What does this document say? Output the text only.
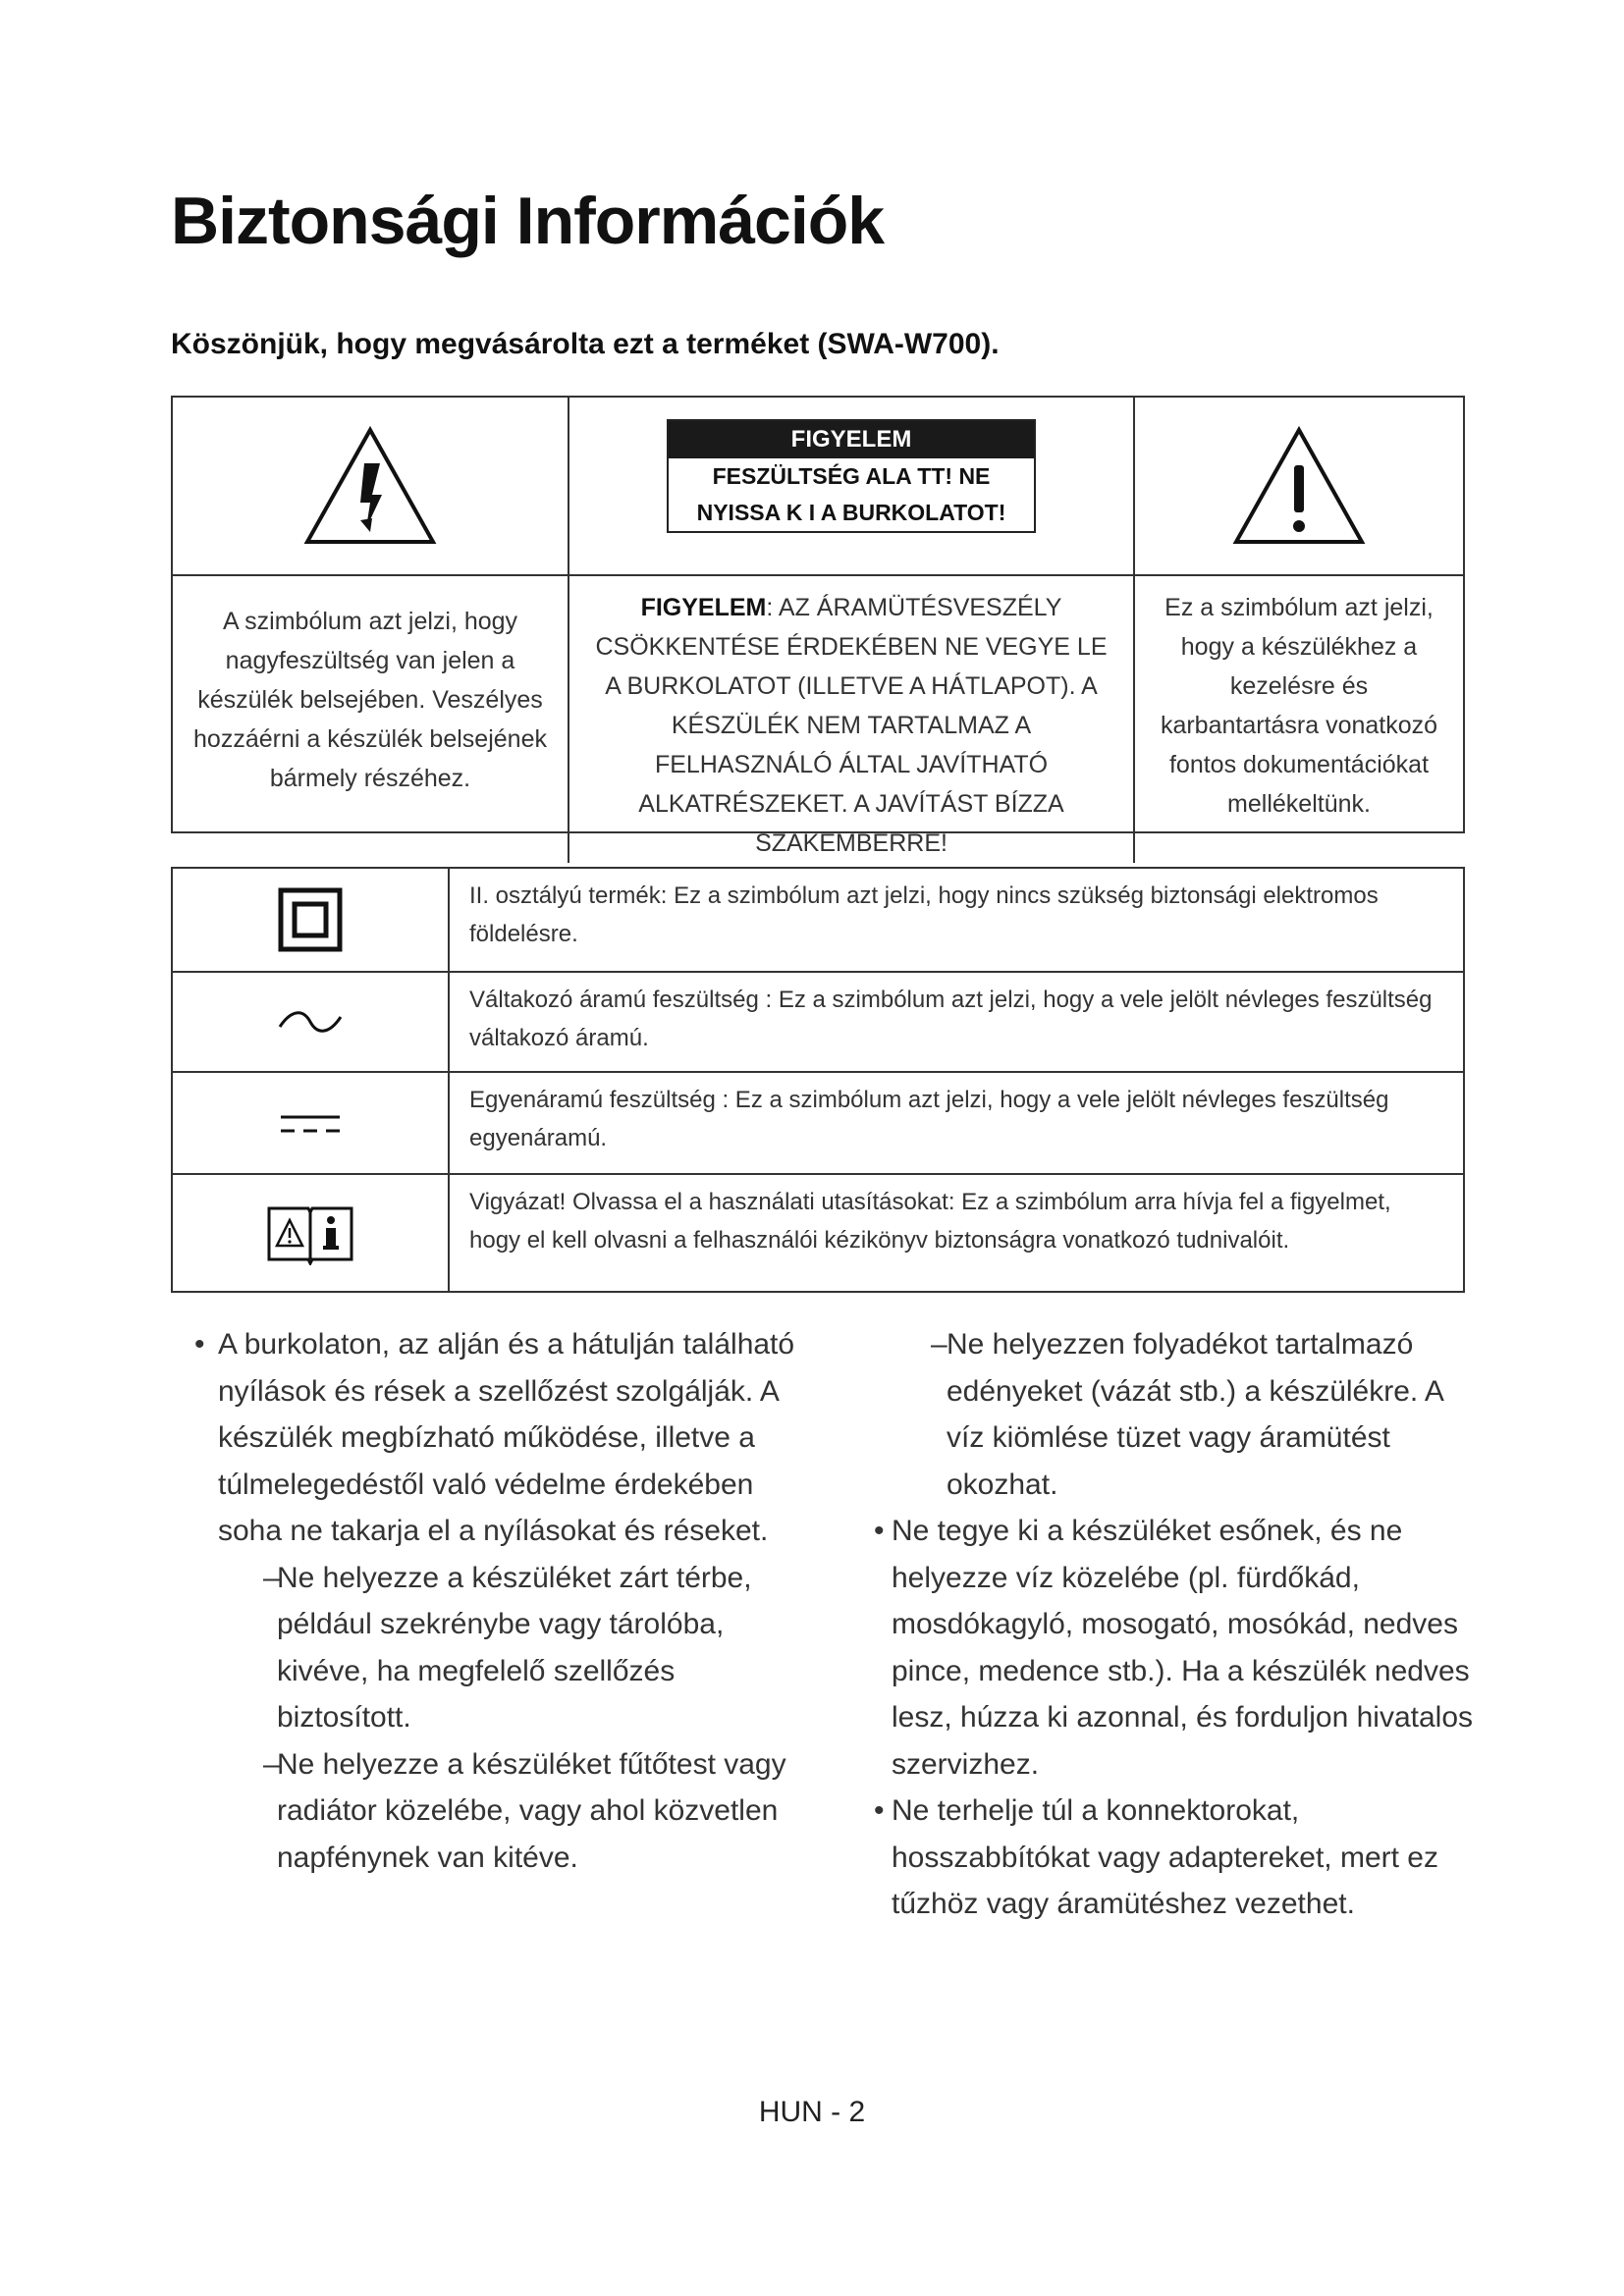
Biztonsági Információk
Köszönjük, hogy megvásárolta ezt a terméket (SWA-W700).
FIGYELEM
FESZÜLTSÉG ALA TT! NE
NYISSA K I A BURKOLATOT!
A szimbólum azt jelzi, hogy nagyfeszültség van jelen a készülék belsejében. Veszélyes hozzáérni a készülék belsejének bármely részéhez.
FIGYELEM: AZ ÁRAMÜTÉSVESZÉLY CSÖKKENTÉSE ÉRDEKÉBEN NE VEGYE LE A BURKOLATOT (ILLETVE A HÁTLAPOT). A KÉSZÜLÉK NEM TARTALMAZ A FELHASZNÁLÓ ÁLTAL JAVÍTHATÓ ALKATRÉSZEKET. A JAVÍTÁST BÍZZA SZAKEMBERRE!
Ez a szimbólum azt jelzi, hogy a készülékhez a kezelésre és karbantartásra vonatkozó fontos dokumentációkat mellékeltünk.
II. osztályú termék: Ez a szimbólum azt jelzi, hogy nincs szükség biztonsági elektromos földelésre.
Váltakozó áramú feszültség : Ez a szimbólum azt jelzi, hogy a vele jelölt névleges feszültség váltakozó áramú.
Egyenáramú feszültség : Ez a szimbólum azt jelzi, hogy a vele jelölt névleges feszültség egyenáramú.
Vigyázat! Olvassa el a használati utasításokat: Ez a szimbólum arra hívja fel a figyelmet, hogy el kell olvasni a felhasználói kézikönyv biztonságra vonatkozó tudnivalóit.
• A burkolaton, az alján és a hátulján található nyílások és rések a szellőzést szolgálják. A készülék megbízható működése, illetve a túlmelegedéstől való védelme érdekében soha ne takarja el a nyílásokat és réseket.

–

Ne helyezze a készüléket zárt térbe, például szekrénybe vagy tárolóba, kivéve, ha megfelelő szellőzés biztosított.

–

Ne helyezze a készüléket fűtőtest vagy radiátor közelébe, vagy ahol közvetlen napfénynek van kitéve.

– Ne helyezzen folyadékot tartalmazó edényeket (vázát stb.) a készülékre. A víz kiömlése tüzet vagy áramütést okozhat.

• Ne tegye ki a készüléket esőnek, és ne helyezze víz közelébe (pl. fürdőkád, mosdókagyló, mosogató, mosókád, nedves pince, medence stb.). Ha a készülék nedves lesz, húzza ki azonnal, és forduljon hivatalos szervizhez.

• Ne terhelje túl a konnektorokat, hosszabbítókat vagy adaptereket, mert ez tűzhöz vagy áramütéshez vezethet.

HUN - 2
